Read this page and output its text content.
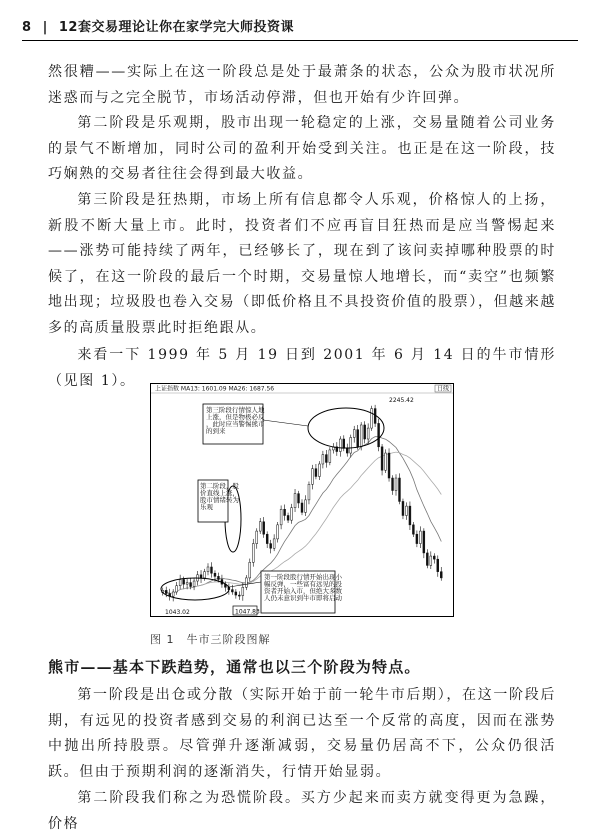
8 | 12套交易理论让你在家学完大师投资课

然很糟——实际上在这一阶段总是处于最萧条的状态，公众为股市状况所迷惑而与之完全脱节，市场活动停滞，但也开始有少许回弹。

第二阶段是乐观期，股市出现一轮稳定的上涨，交易量随着公司业务的景气不断增加，同时公司的盈利开始受到关注。也正是在这一阶段，技巧娴熟的交易者往往会得到最大收益。

第三阶段是狂热期，市场上所有信息都令人乐观，价格惊人的上扬，新股不断大量上市。此时，投资者们不应再盲目狂热而是应当警惕起来——涨势可能持续了两年，已经够长了，现在到了该问卖掉哪种股票的时候了，在这一阶段的最后一个时期，交易量惊人地增长，而“卖空”也频繁地出现；垃圾股也卷入交易（即低价格且不具投资价值的股票），但越来越多的高质量股票此时拒绝跟从。

来看一下 1999 年 5 月 19 日到 2001 年 6 月 14 日的牛市情形（见图 1）。

上证指数 MA13: 1601.09 MA26: 1687.56	日线
第一阶段股行情开始出现小幅反弹，一些富有远见的投资者开始入市，但绝大多数人仍未意识到牛市即将启动
第二阶段，股价直线上涨，股市情绪转为乐观
第三阶段行情惊人地上涨，但是物极必反，此时应当警惕熊市的到来
1043.02	1047.83
2245.42
图 1　牛市三阶段图解

熊市——基本下跌趋势，通常也以三个阶段为特点。

第一阶段是出仓或分散（实际开始于前一轮牛市后期），在这一阶段后期，有远见的投资者感到交易的利润已达至一个反常的高度，因而在涨势中抛出所持股票。尽管弹升逐渐减弱，交易量仍居高不下，公众仍很活跃。但由于预期利润的逐渐消失，行情开始显弱。

第二阶段我们称之为恐慌阶段。买方少起来而卖方就变得更为急躁，价格
